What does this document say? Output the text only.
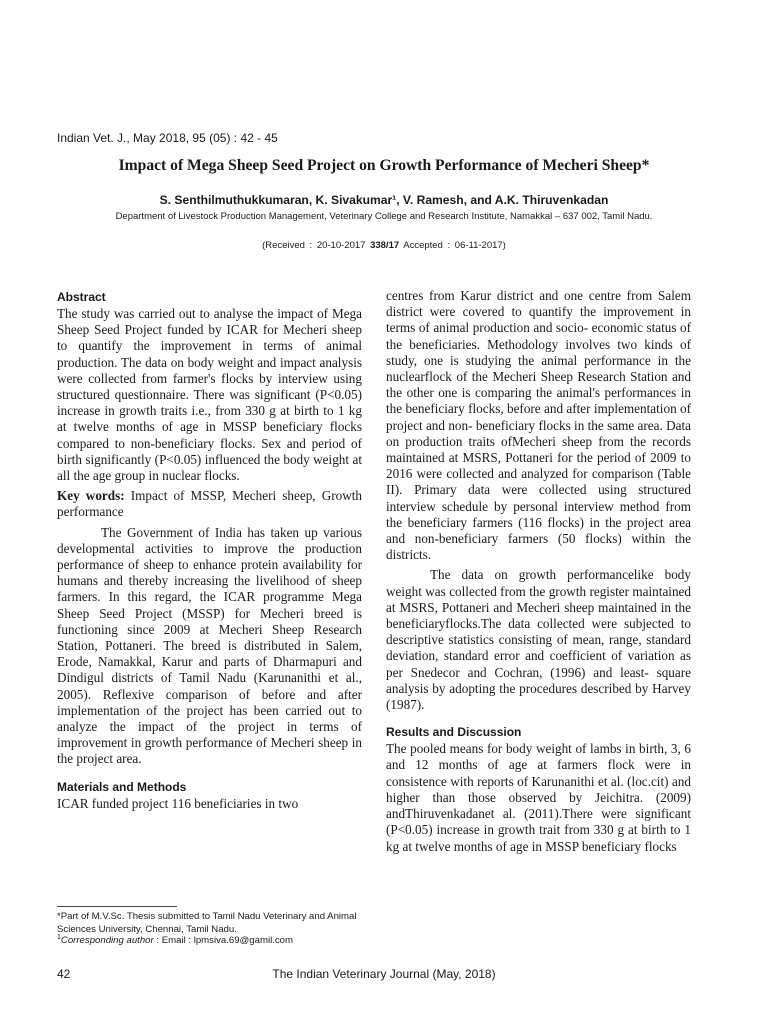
Indian Vet. J., May 2018, 95 (05) : 42 - 45
Impact of Mega Sheep Seed Project on Growth Performance of Mecheri Sheep*
S. Senthilmuthukkumaran, K. Sivakumar¹, V. Ramesh, and A.K. Thiruvenkadan
Department of Livestock Production Management, Veterinary College and Research Institute, Namakkal – 637 002, Tamil Nadu.
(Received : 20-10-2017 338/17 Accepted : 06-11-2017)

Abstract

The study was carried out to analyse the impact of Mega Sheep Seed Project funded by ICAR for Mecheri sheep to quantify the improvement in terms of animal production. The data on body weight and impact analysis were collected from farmer's flocks by interview using structured questionnaire. There was significant (P<0.05) increase in growth traits i.e., from 330 g at birth to 1 kg at twelve months of age in MSSP beneficiary flocks compared to non-beneficiary flocks. Sex and period of birth significantly (P<0.05) influenced the body weight at all the age group in nuclear flocks.

Key words: Impact of MSSP, Mecheri sheep, Growth performance

The Government of India has taken up various developmental activities to improve the production performance of sheep to enhance protein availability for humans and thereby increasing the livelihood of sheep farmers. In this regard, the ICAR programme Mega Sheep Seed Project (MSSP) for Mecheri breed is functioning since 2009 at Mecheri Sheep Research Station, Pottaneri. The breed is distributed in Salem, Erode, Namakkal, Karur and parts of Dharmapuri and Dindigul districts of Tamil Nadu (Karunanithi et al., 2005). Reflexive comparison of before and after implementation of the project has been carried out to analyze the impact of the project in terms of improvement in growth performance of Mecheri sheep in the project area.

Materials and Methods

ICAR funded project 116 beneficiaries in two

centres from Karur district and one centre from Salem district were covered to quantify the improvement in terms of animal production and socio- economic status of the beneficiaries. Methodology involves two kinds of study, one is studying the animal performance in the nuclearflock of the Mecheri Sheep Research Station and the other one is comparing the animal's performances in the beneficiary flocks, before and after implementation of project and non- beneficiary flocks in the same area. Data on production traits ofMecheri sheep from the records maintained at MSRS, Pottaneri for the period of 2009 to 2016 were collected and analyzed for comparison (Table II). Primary data were collected using structured interview schedule by personal interview method from the beneficiary farmers (116 flocks) in the project area and non-beneficiary farmers (50 flocks) within the districts.

The data on growth performancelike body weight was collected from the growth register maintained at MSRS, Pottaneri and Mecheri sheep maintained in the beneficiaryflocks.The data collected were subjected to descriptive statistics consisting of mean, range, standard deviation, standard error and coefficient of variation as per Snedecor and Cochran, (1996) and least- square analysis by adopting the procedures described by Harvey (1987).

Results and Discussion

The pooled means for body weight of lambs in birth, 3, 6 and 12 months of age at farmers flock were in consistence with reports of Karunanithi et al. (loc.cit) and higher than those observed by Jeichitra. (2009) andThiruvenkadanet al. (2011).There were significant (P<0.05) increase in growth trait from 330 g at birth to 1 kg at twelve months of age in MSSP beneficiary flocks

*Part of M.V.Sc. Thesis submitted to Tamil Nadu Veterinary and Animal Sciences University, Chennai, Tamil Nadu.
$^1$Corresponding author : Email : lpmsiva.69@gamil.com
42	The Indian Veterinary Journal (May, 2018)
